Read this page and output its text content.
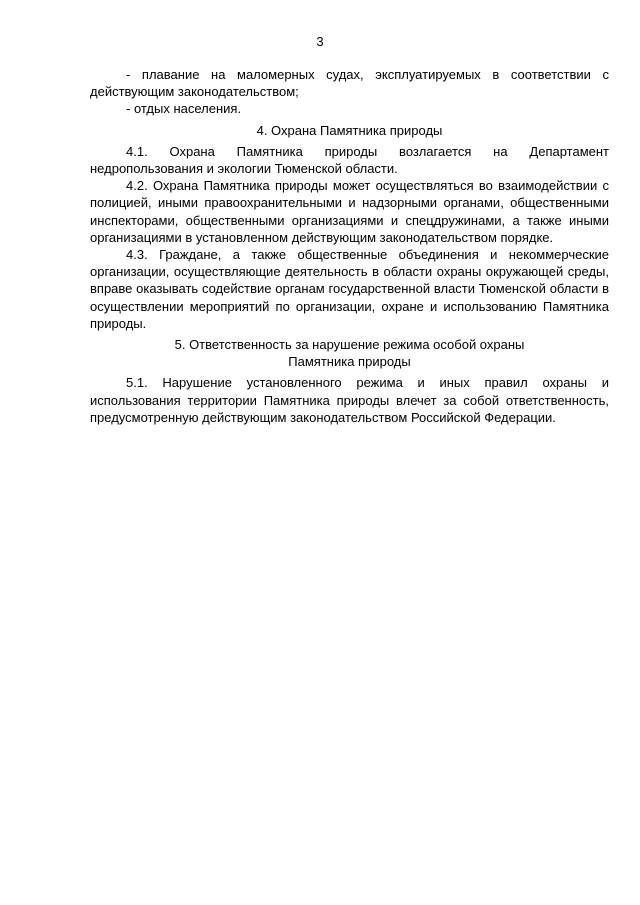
3

- плавание на маломерных судах, эксплуатируемых в соответствии с действующим законодательством;

- отдых населения.

4. Охрана Памятника природы

4.1. Охрана Памятника природы возлагается на Департамент недропользования и экологии Тюменской области.

4.2. Охрана Памятника природы может осуществляться во взаимодействии с полицией, иными правоохранительными и надзорными органами, общественными инспекторами, общественными организациями и спецдружинами, а также иными организациями в установленном действующим законодательством порядке.

4.3. Граждане, а также общественные объединения и некоммерческие организации, осуществляющие деятельность в области охраны окружающей среды, вправе оказывать содействие органам государственной власти Тюменской области в осуществлении мероприятий по организации, охране и использованию Памятника природы.

5. Ответственность за нарушение режима особой охраны
Памятника природы

5.1. Нарушение установленного режима и иных правил охраны и использования территории Памятника природы влечет за собой ответственность, предусмотренную действующим законодательством Российской Федерации.
